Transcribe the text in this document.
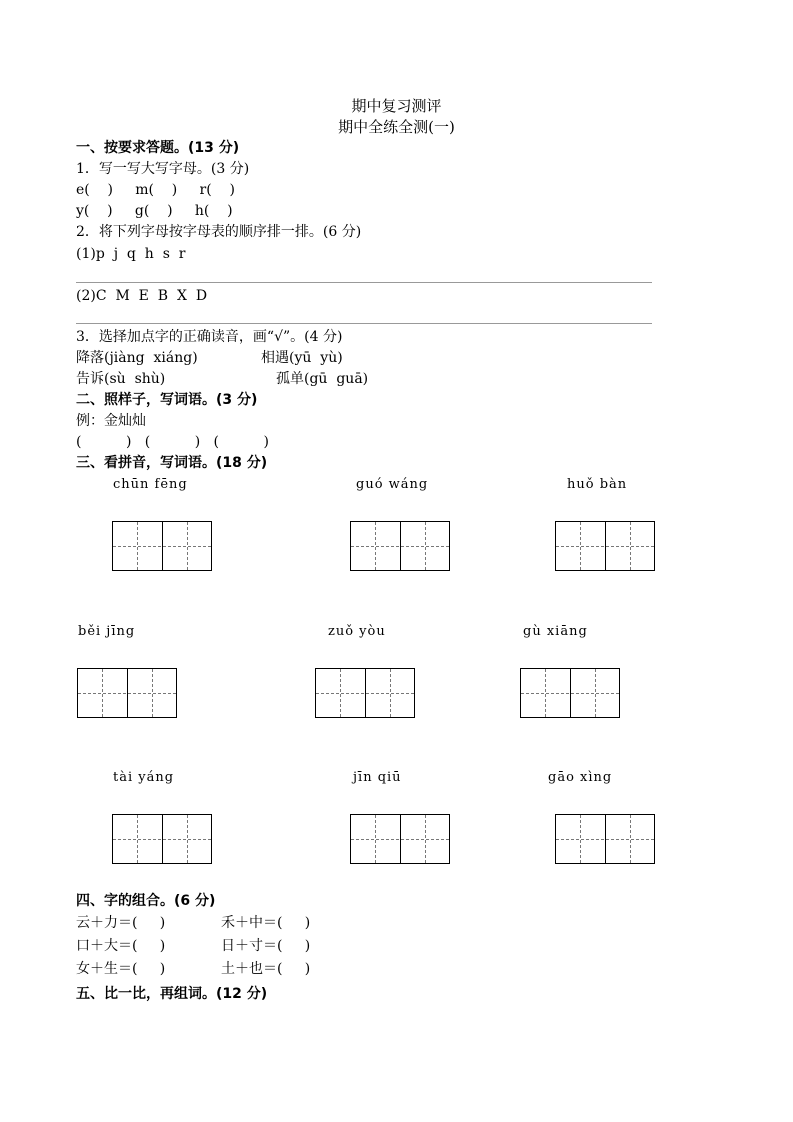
期中复习测评
期中全练全测(一)
一、按要求答题。(13 分)
1．写一写大写字母。(3 分)
e(    )     m(    )     r(    )
y(    )     g(    )     h(    )
2．将下列字母按字母表的顺序排一排。(6 分)
(1)p  j  q  h  s  r
(2)C  M  E  B  X  D
3．选择加点字的正确读音，画“√”。(4 分)
降落(jiàng  xiáng)	相遇(yū  yù)
告诉(sù  shù)	孤单(gū  guā)
二、照样子，写词语。(3 分)
例：金灿灿
(          )   (          )   (          )
三、看拼音，写词语。(18 分)
chūn fēng	guó wáng	huǒ bàn
běi jīng	zuǒ yòu	gù xiāng
tài yáng	jīn qiū	gāo xìng
四、字的组合。(6 分)
云＋力＝(     )	禾＋中＝(     )
口＋大＝(     )	日＋寸＝(     )
女＋生＝(     )	土＋也＝(     )
五、比一比，再组词。(12 分)
